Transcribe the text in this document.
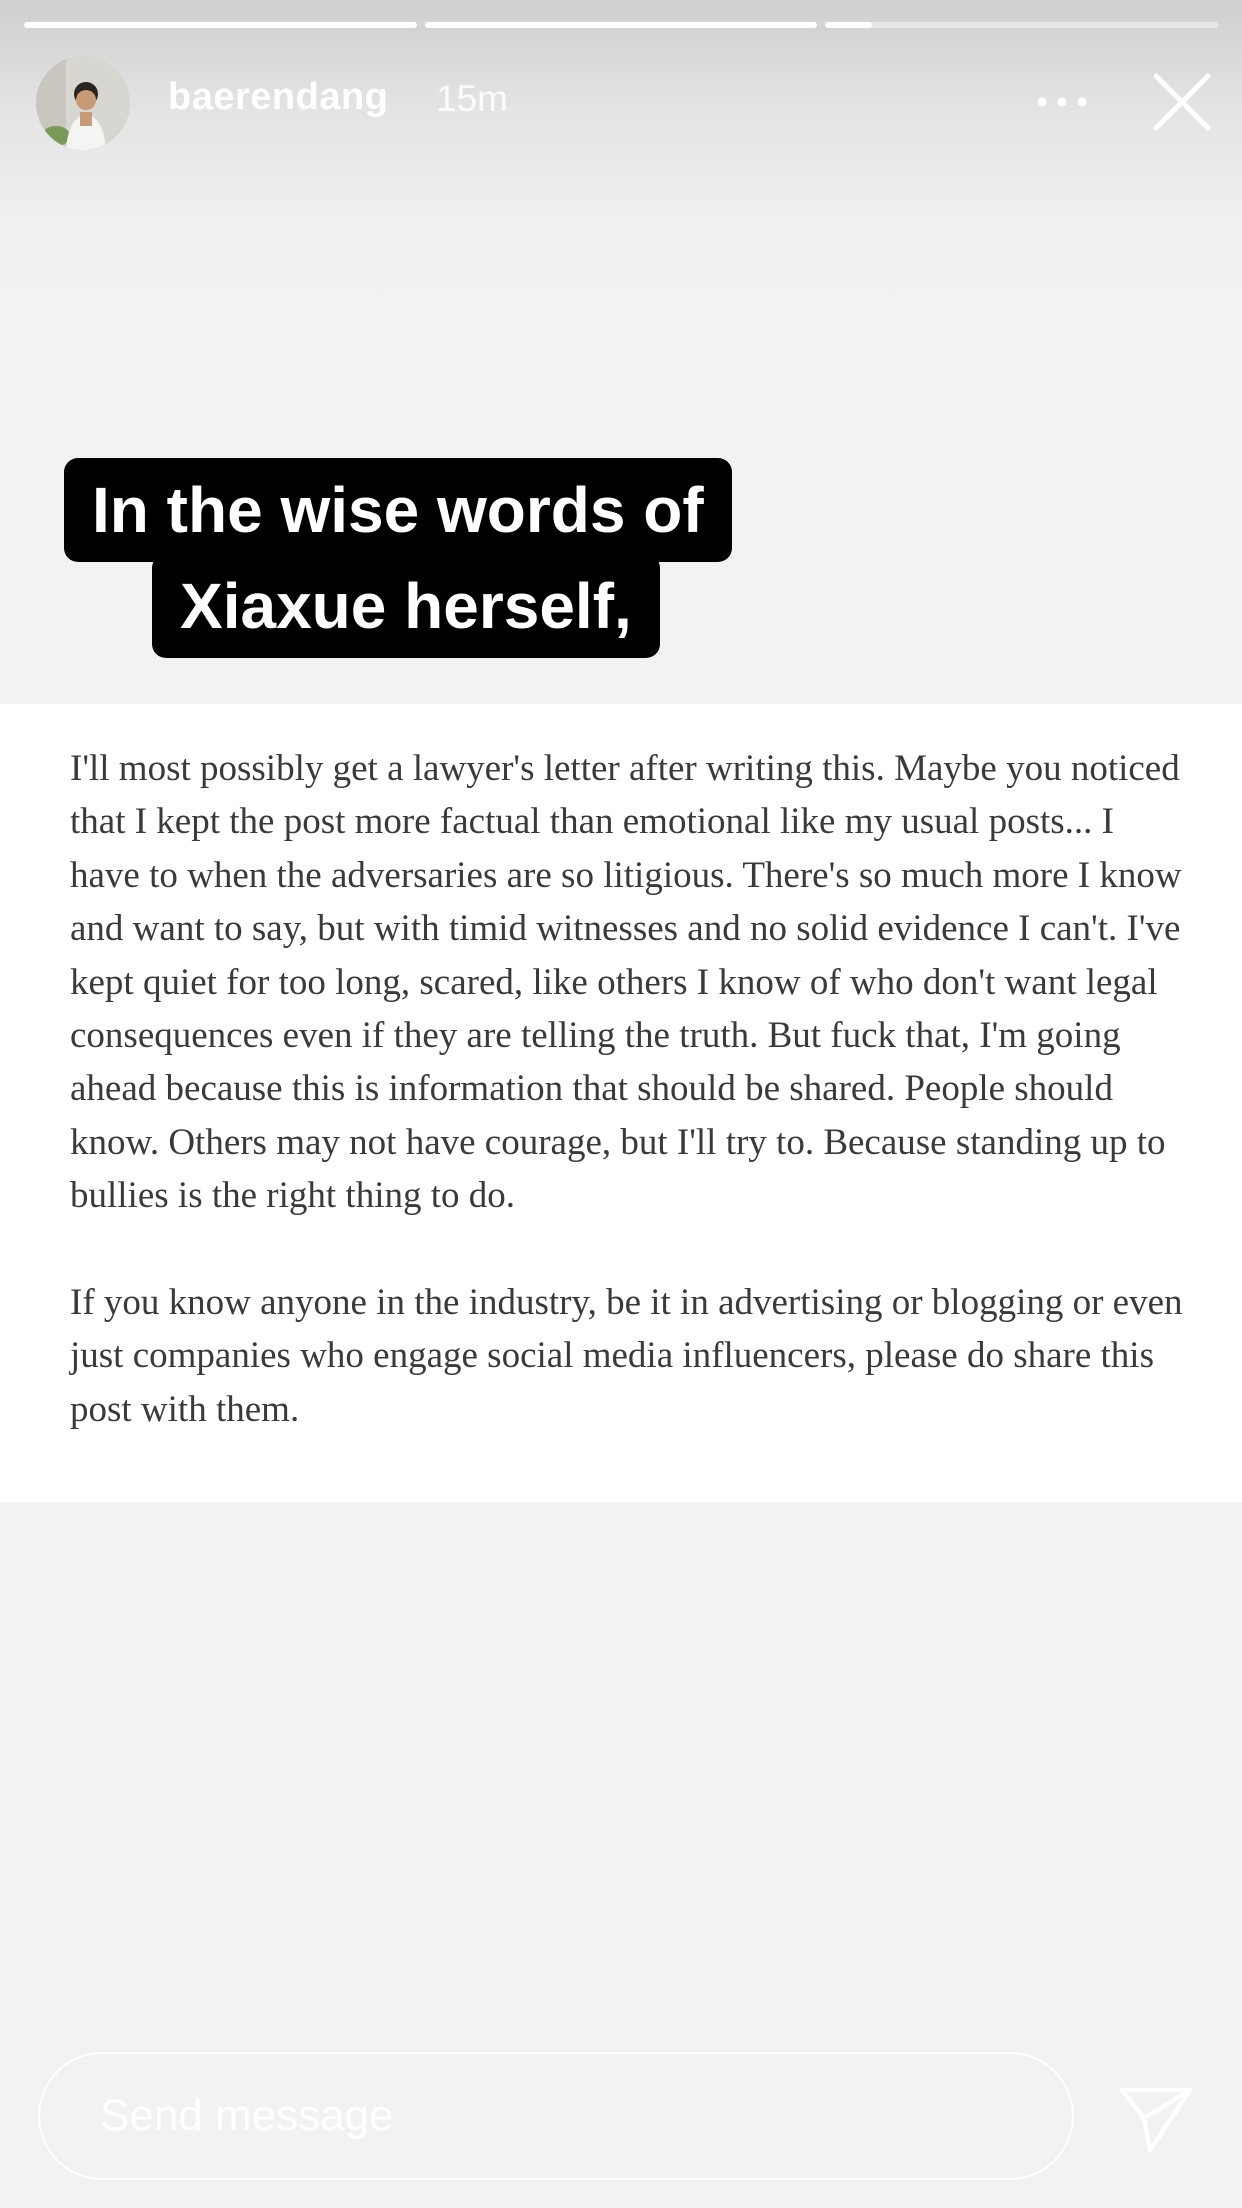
baerendang 15m
In the wise words of
Xiaxue herself,

I'll most possibly get a lawyer's letter after writing this. Maybe you noticed that I kept the post more factual than emotional like my usual posts... I have to when the adversaries are so litigious. There's so much more I know and want to say, but with timid witnesses and no solid evidence I can't. I've kept quiet for too long, scared, like others I know of who don't want legal consequences even if they are telling the truth. But fuck that, I'm going ahead because this is information that should be shared. People should know. Others may not have courage, but I'll try to. Because standing up to bullies is the right thing to do.

If you know anyone in the industry, be it in advertising or blogging or even just companies who engage social media influencers, please do share this post with them.

Send message
